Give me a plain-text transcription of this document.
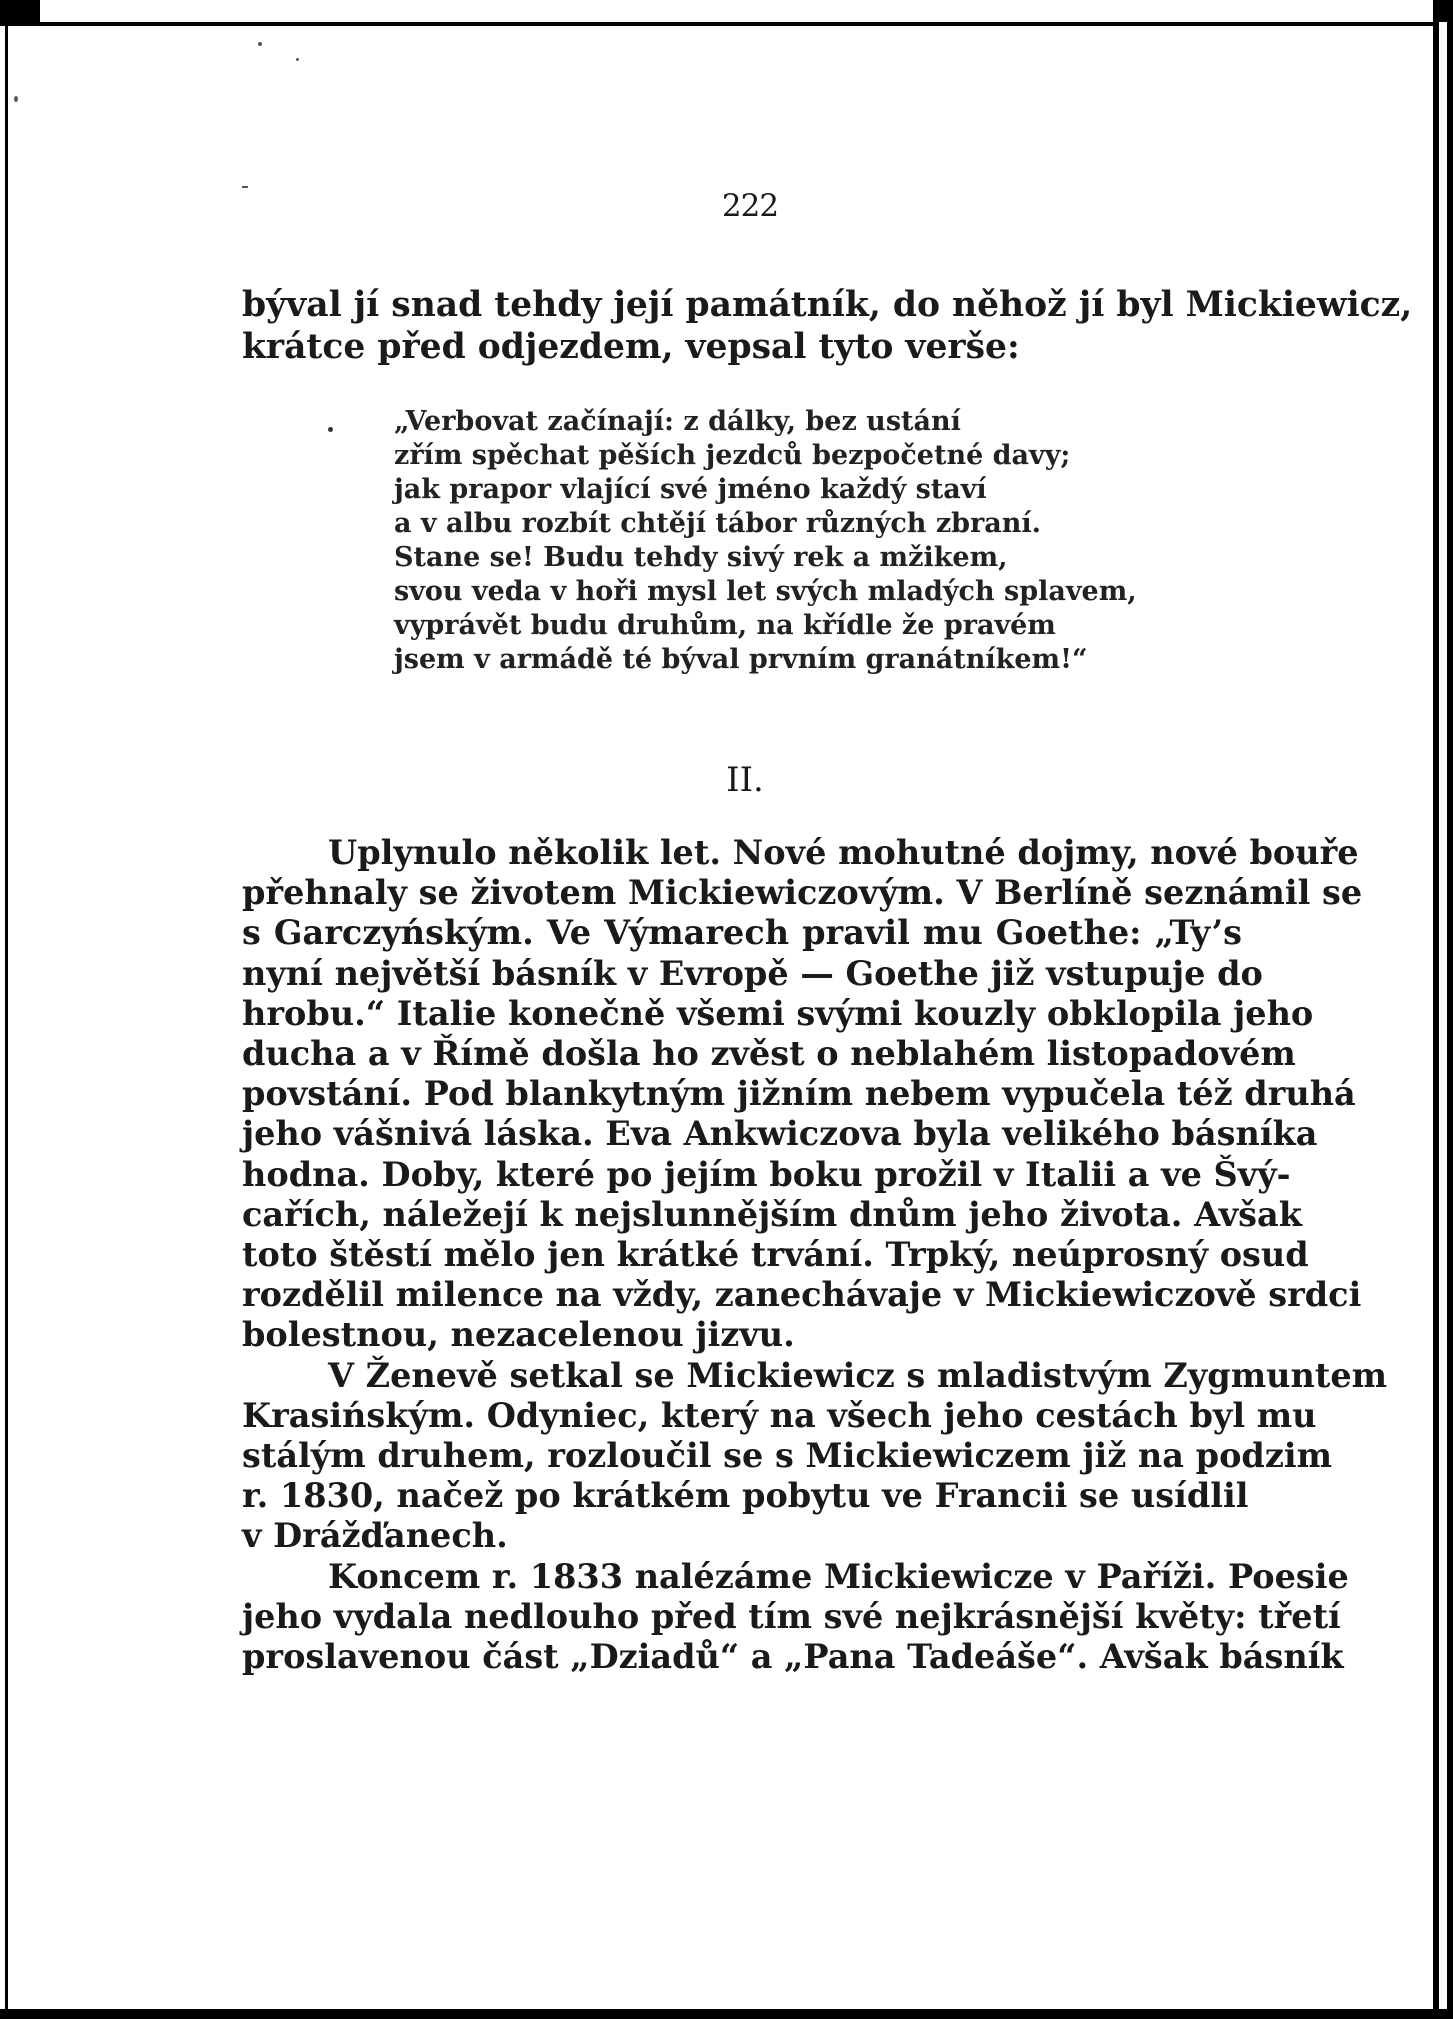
222
býval jí snad tehdy její památník, do něhož jí byl Mickiewicz,
krátce před odjezdem, vepsal tyto verše:
„Verbovat začínají: z dálky, bez ustání
zřím spěchat pěších jezdců bezpočetné davy;
jak prapor vlající své jméno každý staví
a v albu rozbít chtějí tábor různých zbraní.
Stane se! Budu tehdy sivý rek a mžikem,
svou veda v hoři mysl let svých mladých splavem,
vyprávět budu druhům, na křídle že pravém
jsem v armádě té býval prvním granátníkem!“
II.
Uplynulo několik let. Nové mohutné dojmy, nové bouře
přehnaly se životem Mickiewiczovým. V Berlíně seznámil se
s Garczyńským. Ve Výmarech pravil mu Goethe: „Ty’s
nyní největší básník v Evropě — Goethe již vstupuje do
hrobu.“ Italie konečně všemi svými kouzly obklopila jeho
ducha a v Římě došla ho zvěst o neblahém listopadovém
povstání. Pod blankytným jižním nebem vypučela též druhá
jeho vášnivá láska. Eva Ankwiczova byla velikého básníka
hodna. Doby, které po jejím boku prožil v Italii a ve Švý-
cařích, náležejí k nejslunnějším dnům jeho života. Avšak
toto štěstí mělo jen krátké trvání. Trpký, neúprosný osud
rozdělil milence na vždy, zanechávaje v Mickiewiczově srdci
bolestnou, nezacelenou jizvu.
V Ženevě setkal se Mickiewicz s mladistvým Zygmuntem
Krasińským. Odyniec, který na všech jeho cestách byl mu
stálým druhem, rozloučil se s Mickiewiczem již na podzim
r. 1830, načež po krátkém pobytu ve Francii se usídlil
v Drážďanech.
Koncem r. 1833 nalézáme Mickiewicze v Paříži. Poesie
jeho vydala nedlouho před tím své nejkrásnější květy: třetí
proslavenou část „Dziadů“ a „Pana Tadeáše“. Avšak básník
